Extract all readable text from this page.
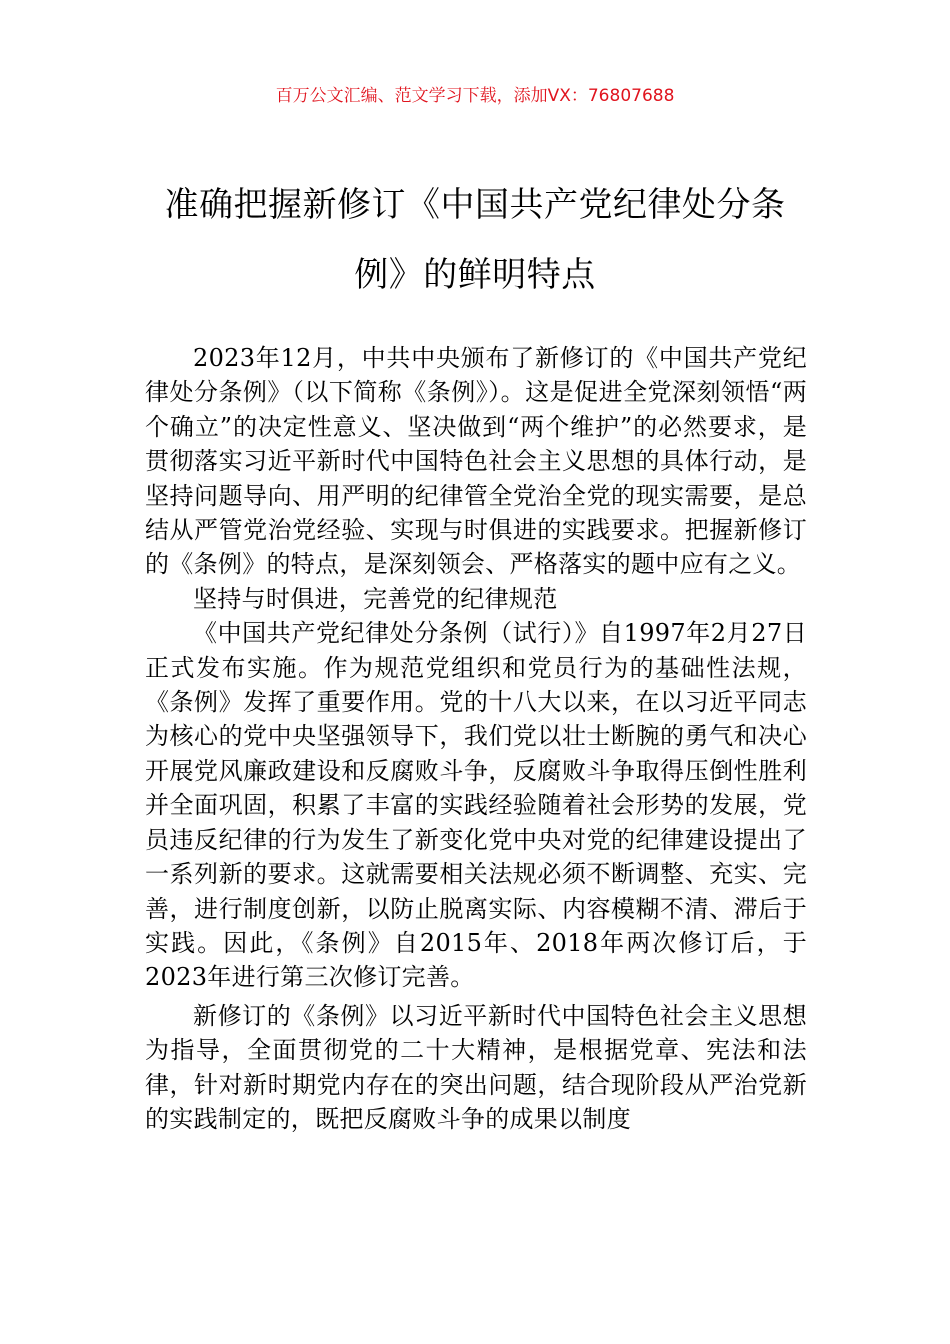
百万公文汇编、范文学习下载，添加VX：76807688
准确把握新修订《中国共产党纪律处分条例》的鲜明特点

2023年12月，中共中央颁布了新修订的《中国共产党纪律处分条例》（以下简称《条例》）。这是促进全党深刻领悟“两个确立”的决定性意义、坚决做到“两个维护”的必然要求，是贯彻落实习近平新时代中国特色社会主义思想的具体行动，是坚持问题导向、用严明的纪律管全党治全党的现实需要，是总结从严管党治党经验、实现与时俱进的实践要求。把握新修订的《条例》的特点，是深刻领会、严格落实的题中应有之义。

坚持与时俱进，完善党的纪律规范

《中国共产党纪律处分条例（试行）》自1997年2月27日正式发布实施。作为规范党组织和党员行为的基础性法规，《条例》发挥了重要作用。党的十八大以来，在以习近平同志为核心的党中央坚强领导下，我们党以壮士断腕的勇气和决心开展党风廉政建设和反腐败斗争，反腐败斗争取得压倒性胜利并全面巩固，积累了丰富的实践经验随着社会形势的发展，党员违反纪律的行为发生了新变化党中央对党的纪律建设提出了一系列新的要求。这就需要相关法规必须不断调整、充实、完善，进行制度创新，以防止脱离实际、内容模糊不清、滞后于实践。因此，《条例》自2015年、2018年两次修订后，于2023年进行第三次修订完善。

新修订的《条例》以习近平新时代中国特色社会主义思想为指导，全面贯彻党的二十大精神，是根据党章、宪法和法律，针对新时期党内存在的突出问题，结合现阶段从严治党新的实践制定的，既把反腐败斗争的成果以制度
